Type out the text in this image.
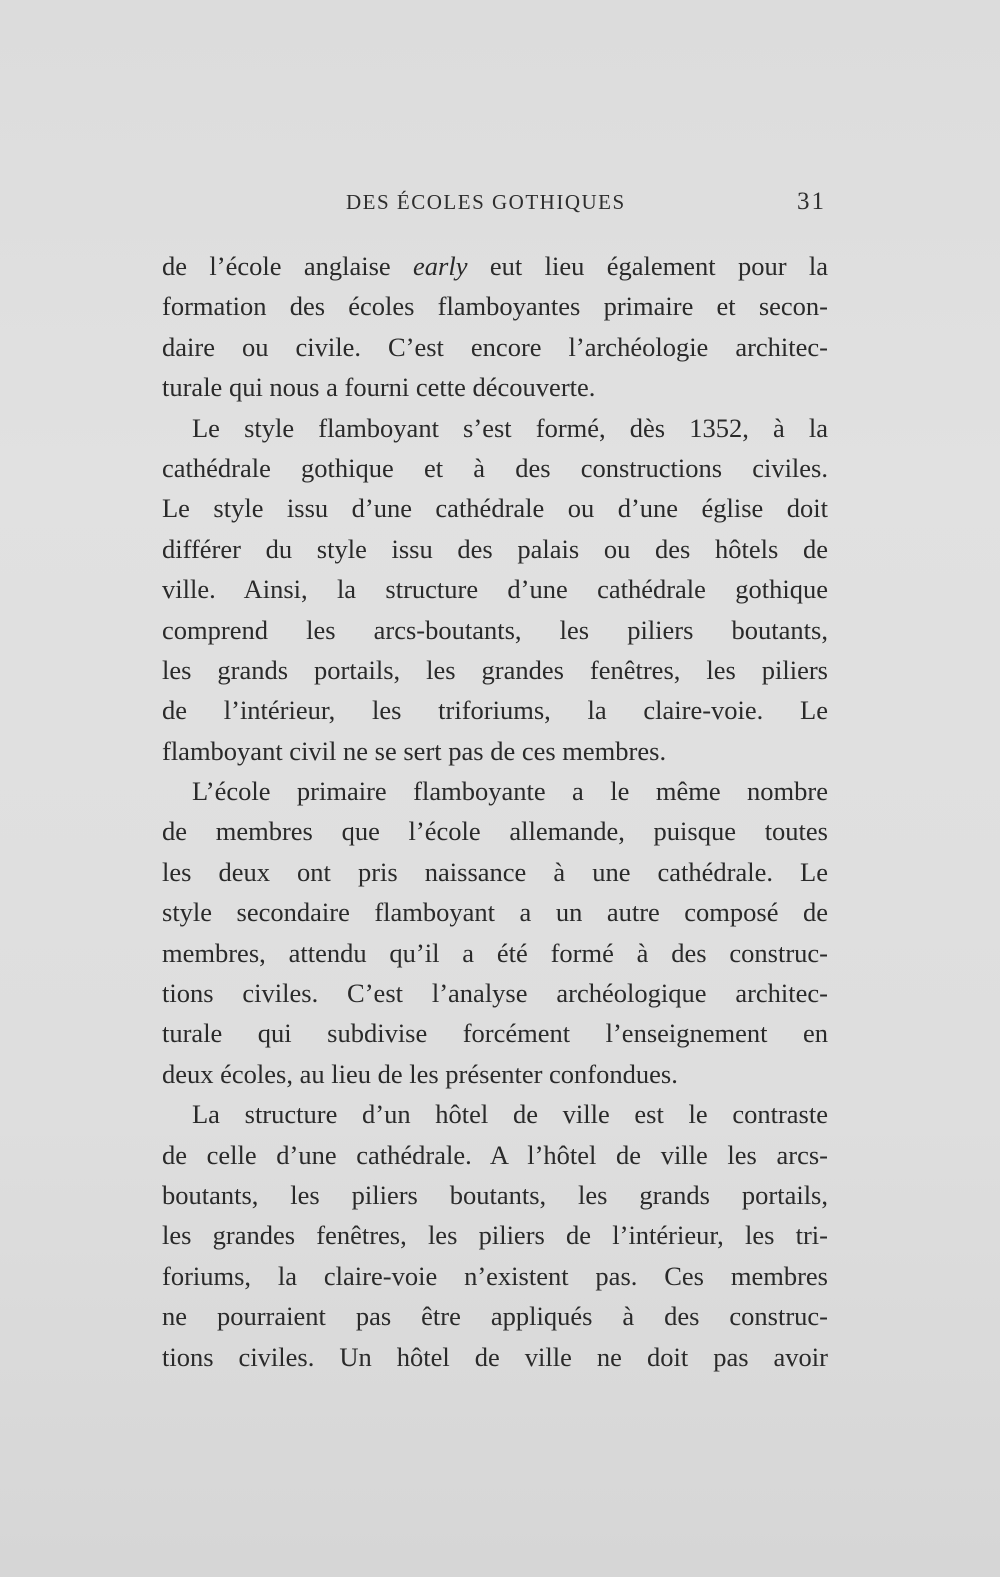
DES ÉCOLES GOTHIQUES	31
de l’école anglaise early eut lieu également pour la
formation des écoles flamboyantes primaire et secon-
daire ou civile. C’est encore l’archéologie architec-
turale qui nous a fourni cette découverte.
Le style flamboyant s’est formé, dès 1352, à la
cathédrale gothique et à des constructions civiles.
Le style issu d’une cathédrale ou d’une église doit
différer du style issu des palais ou des hôtels de
ville. Ainsi, la structure d’une cathédrale gothique
comprend les arcs-boutants, les piliers boutants,
les grands portails, les grandes fenêtres, les piliers
de l’intérieur, les triforiums, la claire-voie. Le
flamboyant civil ne se sert pas de ces membres.
L’école primaire flamboyante a le même nombre
de membres que l’école allemande, puisque toutes
les deux ont pris naissance à une cathédrale. Le
style secondaire flamboyant a un autre composé de
membres, attendu qu’il a été formé à des construc-
tions civiles. C’est l’analyse archéologique architec-
turale qui subdivise forcément l’enseignement en
deux écoles, au lieu de les présenter confondues.
La structure d’un hôtel de ville est le contraste
de celle d’une cathédrale. A l’hôtel de ville les arcs-
boutants, les piliers boutants, les grands portails,
les grandes fenêtres, les piliers de l’intérieur, les tri-
foriums, la claire-voie n’existent pas. Ces membres
ne pourraient pas être appliqués à des construc-
tions civiles. Un hôtel de ville ne doit pas avoir
